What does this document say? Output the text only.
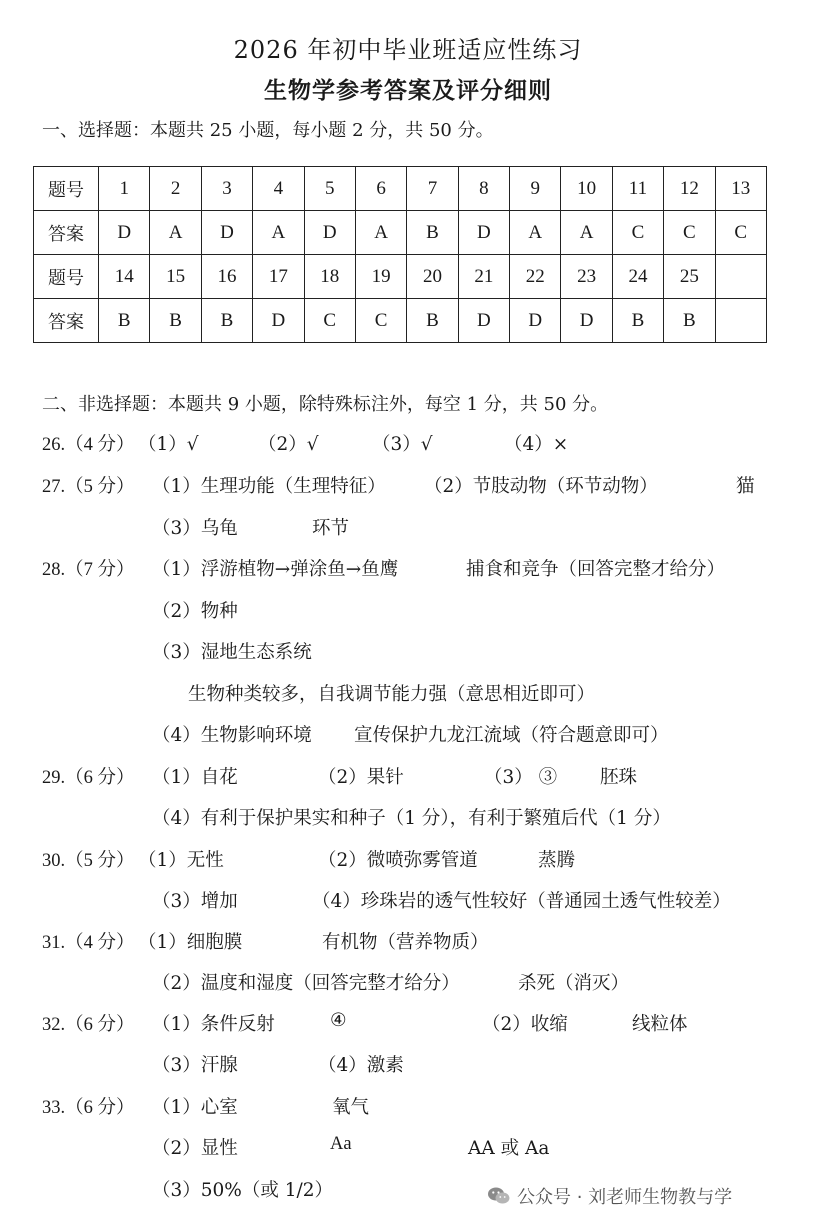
2026 年初中毕业班适应性练习
生物学参考答案及评分细则
一、选择题：本题共 25 小题，每小题 2 分，共 50 分。
题号	1	2	3	4	5	6	7	8	9	10	11	12	13
答案	D	A	D	A	D	A	B	D	A	A	C	C	C
题号	14	15	16	17	18	19	20	21	22	23	24	25	
答案	B	B	B	D	C	C	B	D	D	D	B	B	
二、非选择题：本题共 9 小题，除特殊标注外，每空 1 分，共 50 分。
26.（4 分） （1）√	（2）√	（3）√	（4）×
27.（5 分） （1）生理功能（生理特征） （2）节肢动物（环节动物）	猫
（3）乌龟	环节
28.（7 分） （1）浮游植物→弹涂鱼→鱼鹰	捕食和竞争（回答完整才给分）
（2）物种
（3）湿地生态系统
生物种类较多，自我调节能力强（意思相近即可）
（4）生物影响环境 宣传保护九龙江流域（符合题意即可）
29.（6 分） （1）自花	（2）果针	（3） ③ 胚珠
（4）有利于保护果实和种子（1 分），有利于繁殖后代（1 分）
30.（5 分） （1）无性	（2）微喷弥雾管道	蒸腾
（3）增加	（4）珍珠岩的透气性较好（普通园土透气性较差）
31.（4 分） （1）细胞膜	有机物（营养物质）
（2）温度和湿度（回答完整才给分）	杀死（消灭）
32.（6 分） （1）条件反射	④	（2）收缩	线粒体
（3）汗腺	（4）激素
33.（6 分） （1）心室	氧气
（2）显性	Aa	AA 或 Aa
（3）50%（或 1/2）	公众号 · 刘老师生物教与学
